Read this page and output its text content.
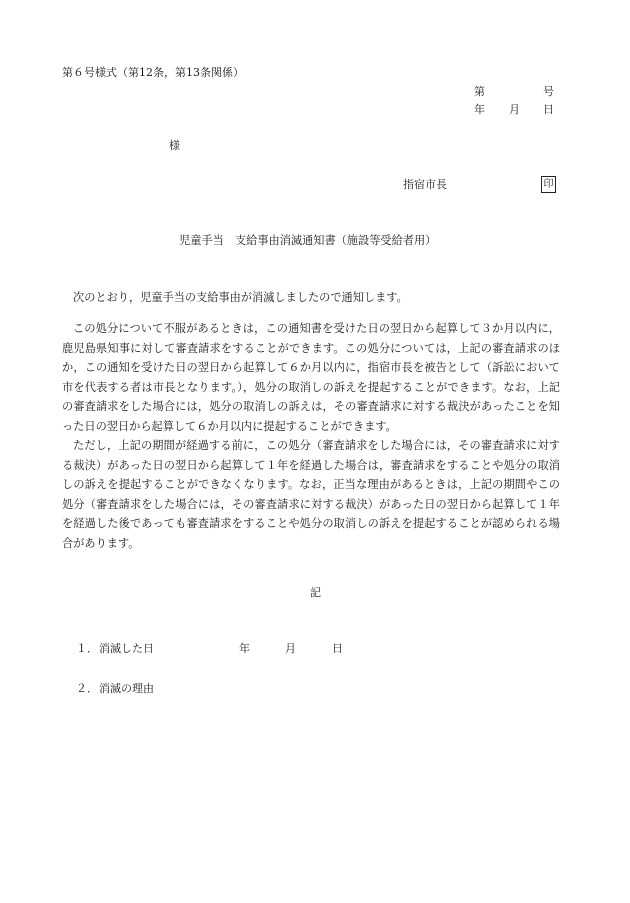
第６号様式（第12条，第13条関係）
第	号
年 月 日
様
指宿市長	印
児童手当　支給事由消滅通知書（施設等受給者用）
次のとおり，児童手当の支給事由が消滅しましたので通知します。

この処分について不服があるときは，この通知書を受けた日の翌日から起算して３か月以内に，鹿児島県知事に対して審査請求をすることができます。この処分については，上記の審査請求のほか，この通知を受けた日の翌日から起算して６か月以内に，指宿市長を被告として（訴訟において市を代表する者は市長となります。），処分の取消しの訴えを提起することができます。なお，上記の審査請求をした場合には，処分の取消しの訴えは，その審査請求に対する裁決があったことを知った日の翌日から起算して６か月以内に提起することができます。

ただし，上記の期間が経過する前に，この処分（審査請求をした場合には，その審査請求に対する裁決）があった日の翌日から起算して１年を経過した場合は，審査請求をすることや処分の取消しの訴えを提起することができなくなります。なお，正当な理由があるときは，上記の期間やこの処分（審査請求をした場合には，その審査請求に対する裁決）があった日の翌日から起算して１年を経過した後であっても審査請求をすることや処分の取消しの訴えを提起することが認められる場合があります。

記
１． 消滅した日	年	月	日
２． 消滅の理由
